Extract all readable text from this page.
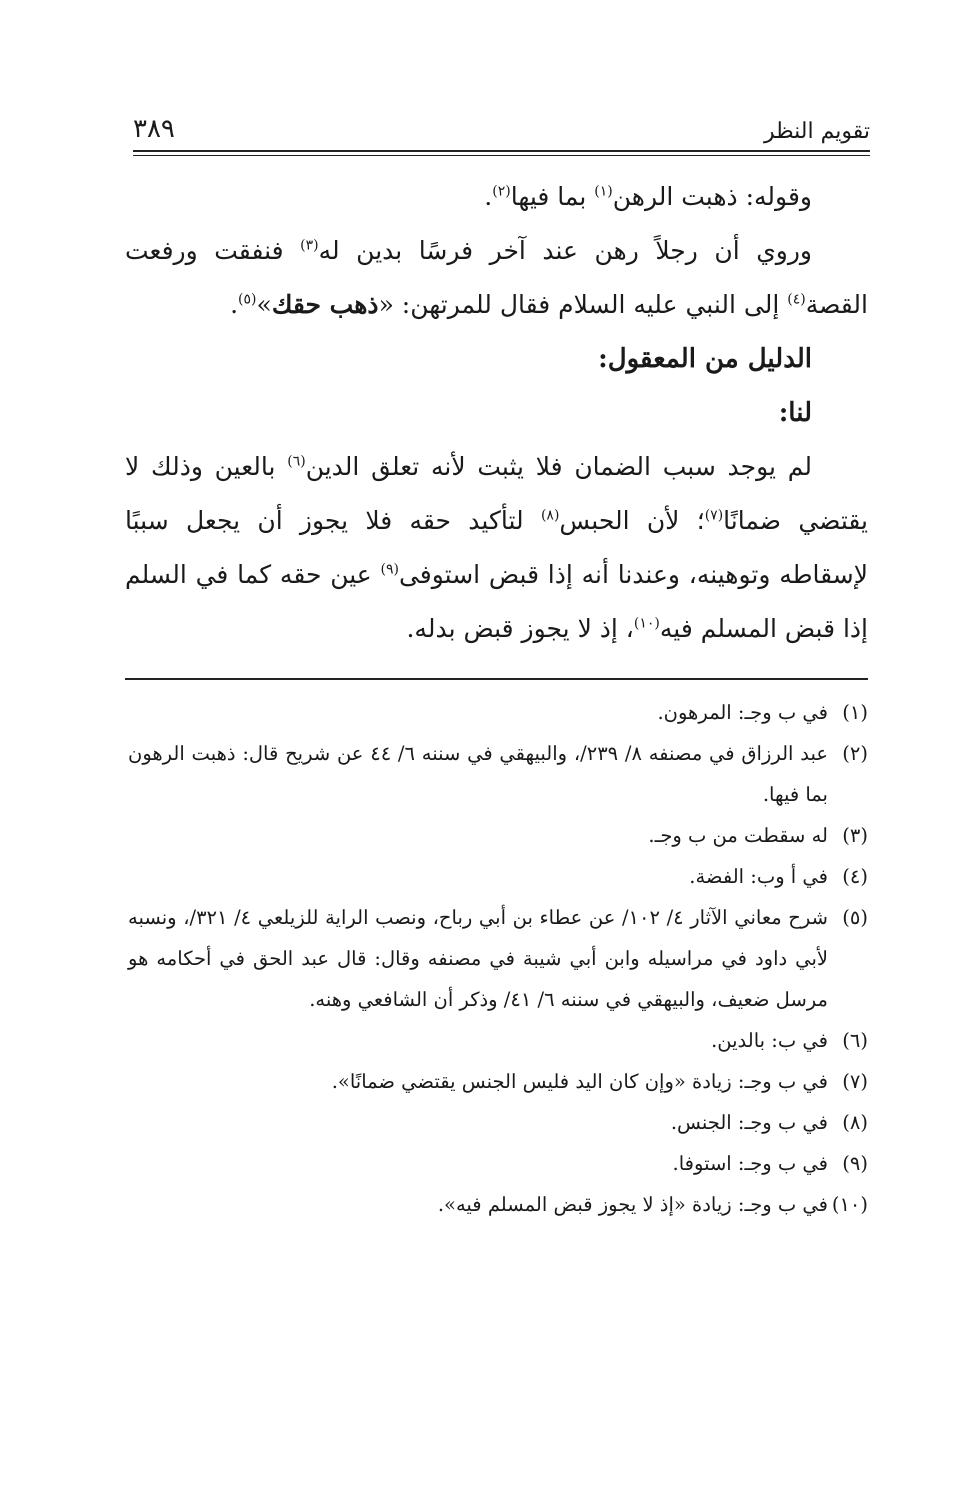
تقويم النظر
٣٨٩

وقوله: ذهبت الرهن$^{(١)}$ بما فيها$^{(٢)}$.

وروي أن رجلاً رهن عند آخر فرسًا بدين له$^{(٣)}$ فنفقت ورفعت القصة$^{(٤)}$ إلى النبي عليه السلام فقال للمرتهن: «ذهب حقك»$^{(٥)}$.

الدليل من المعقول:

لنا:

لم يوجد سبب الضمان فلا يثبت لأنه تعلق الدين$^{(٦)}$ بالعين وذلك لا يقتضي ضمانًا$^{(٧)}$؛ لأن الحبس$^{(٨)}$ لتأكيد حقه فلا يجوز أن يجعل سببًا لإسقاطه وتوهينه، وعندنا أنه إذا قبض استوفى$^{(٩)}$ عين حقه كما في السلم إذا قبض المسلم فيه$^{(١٠)}$، إذ لا يجوز قبض بدله.

(١)
في ب وجـ: المرهون.
(٢)
عبد الرزاق في مصنفه ٨/ ٢٣٩/، والبيهقي في سننه ٦/ ٤٤ عن شريح قال: ذهبت الرهون بما فيها.
(٣)
له سقطت من ب وجـ.
(٤)
في أ وب: الفضة.
(٥)
شرح معاني الآثار ٤/ ١٠٢/ عن عطاء بن أبي رباح، ونصب الراية للزيلعي ٤/ ٣٢١/، ونسبه لأبي داود في مراسيله وابن أبي شيبة في مصنفه وقال: قال عبد الحق في أحكامه هو مرسل ضعيف، والبيهقي في سننه ٦/ ٤١/ وذكر أن الشافعي وهنه.
(٦)
في ب: بالدين.
(٧)
في ب وجـ: زيادة «وإن كان اليد فليس الجنس يقتضي ضمانًا».
(٨)
في ب وجـ: الجنس.
(٩)
في ب وجـ: استوفا.
(١٠)
في ب وجـ: زيادة «إذ لا يجوز قبض المسلم فيه».
